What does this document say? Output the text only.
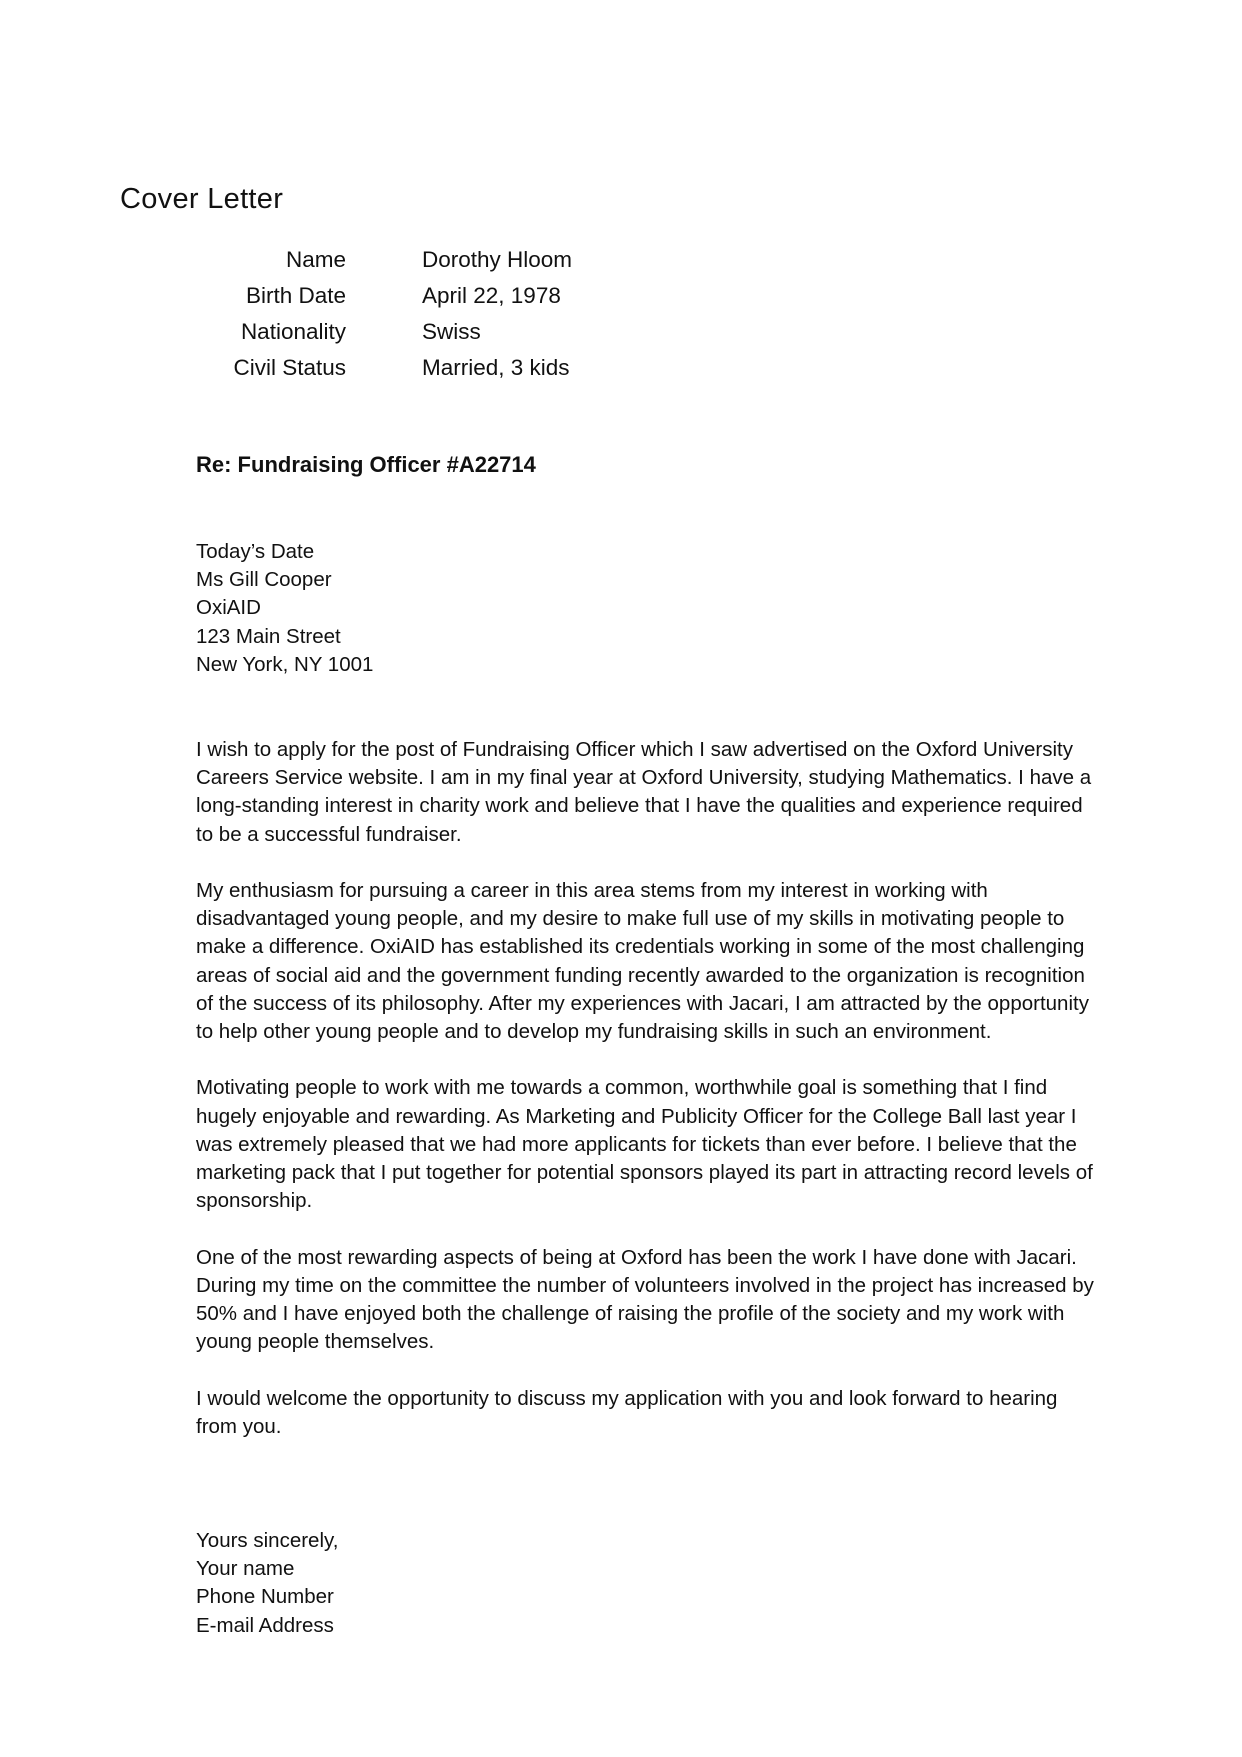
Cover Letter
Name	Dorothy Hloom
Birth Date	April 22, 1978
Nationality	Swiss
Civil Status	Married, 3 kids
Re: Fundraising Officer #A22714
Today’s Date
Ms Gill Cooper
OxiAID
123 Main Street
New York, NY 1001

I wish to apply for the post of Fundraising Officer which I saw advertised on the Oxford University Careers Service website. I am in my final year at Oxford University, studying Mathematics. I have a long-standing interest in charity work and believe that I have the qualities and experience required to be a successful fundraiser.

My enthusiasm for pursuing a career in this area stems from my interest in working with disadvantaged young people, and my desire to make full use of my skills in motivating people to make a difference. OxiAID has established its credentials working in some of the most challenging areas of social aid and the government funding recently awarded to the organization is recognition of the success of its philosophy. After my experiences with Jacari, I am attracted by the opportunity to help other young people and to develop my fundraising skills in such an environment.

Motivating people to work with me towards a common, worthwhile goal is something that I find hugely enjoyable and rewarding. As Marketing and Publicity Officer for the College Ball last year I was extremely pleased that we had more applicants for tickets than ever before. I believe that the marketing pack that I put together for potential sponsors played its part in attracting record levels of sponsorship.

One of the most rewarding aspects of being at Oxford has been the work I have done with Jacari. During my time on the committee the number of volunteers involved in the project has increased by 50% and I have enjoyed both the challenge of raising the profile of the society and my work with young people themselves.

I would welcome the opportunity to discuss my application with you and look forward to hearing from you.

Yours sincerely,
Your name
Phone Number
E-mail Address
